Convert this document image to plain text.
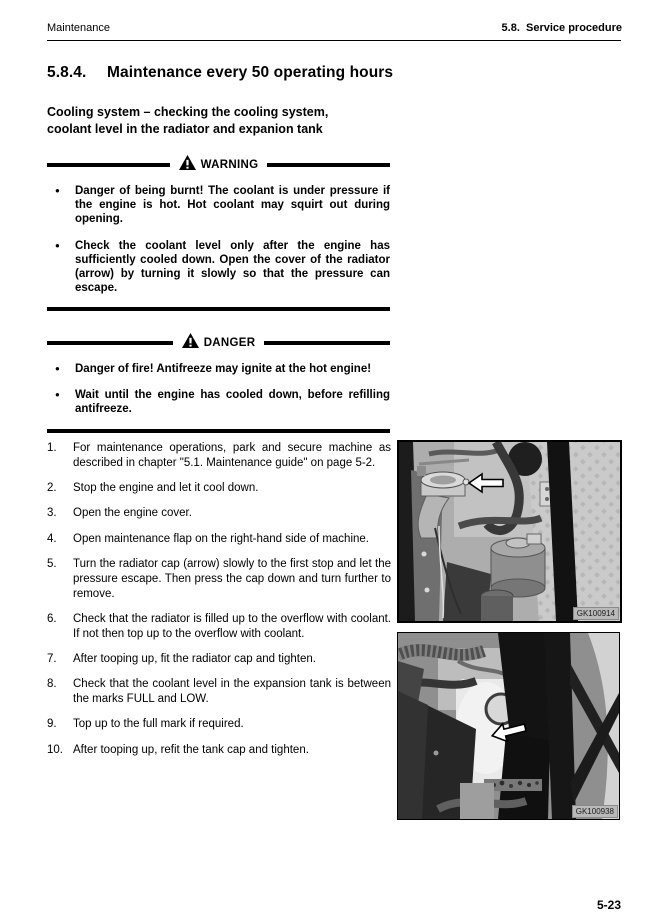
Maintenance	5.8.  Service procedure
5.8.4. Maintenance every 50 operating hours
Cooling system – checking the cooling system,
coolant level in the radiator and expanion tank
WARNING
●	Danger of being burnt! The coolant is under pressure if the engine is hot. Hot coolant may squirt out during opening.
●	Check the coolant level only after the engine has sufficiently cooled down. Open the cover of the radiator (arrow) by turning it slowly so that the pressure can escape.
DANGER
●	Danger of fire! Antifreeze may ignite at the hot engine!
●	Wait until the engine has cooled down, before refilling antifreeze.
1.	For maintenance operations, park and secure machine as described in chapter "5.1. Maintenance guide" on page 5-2.
2.	Stop the engine and let it cool down.
3.	Open the engine cover.
4.	Open maintenance flap on the right-hand side of machine.
5.	Turn the radiator cap (arrow) slowly to the first stop and let the pressure escape. Then press the cap down and turn further to remove.
6.	Check that the radiator is filled up to the overflow with coolant. If not then top up to the overflow with coolant.
7.	After tooping up, fit the radiator cap and tighten.
8.	Check that the coolant level in the expansion tank is between the marks FULL and LOW.
9.	Top up to the full mark if required.
10. After tooping up, refit the tank cap and tighten.
GK100914
GK100938
5-23
